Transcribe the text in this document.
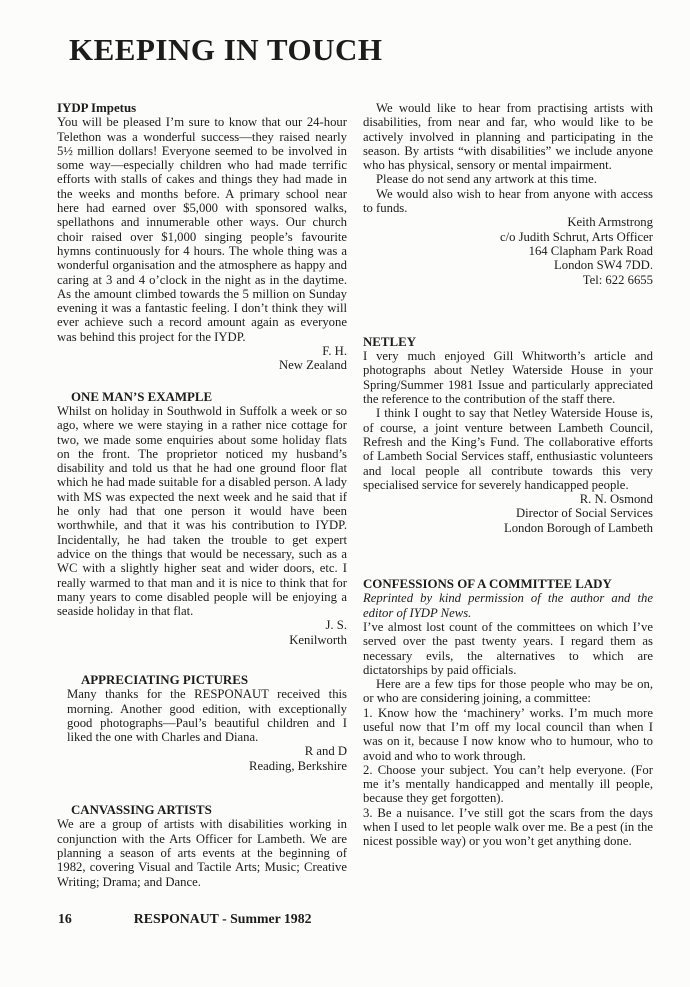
KEEPING IN TOUCH
IYDP Impetus

You will be pleased I’m sure to know that our 24-hour Telethon was a wonderful success—they raised nearly 5½ million dollars! Everyone seemed to be involved in some way—especially children who had made terrific efforts with stalls of cakes and things they had made in the weeks and months before. A primary school near here had earned over $5,000 with sponsored walks, spellathons and innumerable other ways. Our church choir raised over $1,000 singing people’s favourite hymns continuously for 4 hours. The whole thing was a wonderful organisation and the atmosphere as happy and caring at 3 and 4 o’clock in the night as in the daytime. As the amount climbed towards the 5 million on Sunday evening it was a fantastic feeling. I don’t think they will ever achieve such a record amount again as everyone was behind this project for the IYDP.

F. H.
New Zealand
ONE MAN’S EXAMPLE

Whilst on holiday in Southwold in Suffolk a week or so ago, where we were staying in a rather nice cottage for two, we made some enquiries about some holiday flats on the front. The proprietor noticed my husband’s disability and told us that he had one ground floor flat which he had made suitable for a disabled person. A lady with MS was expected the next week and he said that if he only had that one person it would have been worthwhile, and that it was his contribution to IYDP. Incidentally, he had taken the trouble to get expert advice on the things that would be necessary, such as a WC with a slightly higher seat and wider doors, etc. I really warmed to that man and it is nice to think that for many years to come disabled people will be enjoying a seaside holiday in that flat.

J. S.
Kenilworth
APPRECIATING PICTURES

Many thanks for the RESPONAUT received this morning. Another good edition, with exceptionally good photographs—Paul’s beautiful children and I liked the one with Charles and Diana.

R and D
Reading, Berkshire
CANVASSING ARTISTS

We are a group of artists with disabilities working in conjunction with the Arts Officer for Lambeth. We are planning a season of arts events at the beginning of 1982, covering Visual and Tactile Arts; Music; Creative Writing; Drama; and Dance.

We would like to hear from practising artists with disabilities, from near and far, who would like to be actively involved in planning and participating in the season. By artists “with disabilities” we include anyone who has physical, sensory or mental impairment.

Please do not send any artwork at this time.

We would also wish to hear from anyone with access to funds.

Keith Armstrong
c/o Judith Schrut, Arts Officer
164 Clapham Park Road
London SW4 7DD.
Tel: 622 6655
NETLEY

I very much enjoyed Gill Whitworth’s article and photographs about Netley Waterside House in your Spring/Summer 1981 Issue and particularly appreciated the reference to the contribution of the staff there.

I think I ought to say that Netley Waterside House is, of course, a joint venture between Lambeth Council, Refresh and the King’s Fund. The collaborative efforts of Lambeth Social Services staff, enthusiastic volunteers and local people all contribute towards this very specialised service for severely handicapped people.

R. N. Osmond
Director of Social Services
London Borough of Lambeth
CONFESSIONS OF A COMMITTEE LADY

Reprinted by kind permission of the author and the editor of IYDP News.

I’ve almost lost count of the committees on which I’ve served over the past twenty years. I regard them as necessary evils, the alternatives to which are dictatorships by paid officials.

Here are a few tips for those people who may be on, or who are considering joining, a committee:

1. Know how the ‘machinery’ works. I’m much more useful now that I’m off my local council than when I was on it, because I now know who to humour, who to avoid and who to work through.

2. Choose your subject. You can’t help everyone. (For me it’s mentally handicapped and mentally ill people, because they get forgotten).

3. Be a nuisance. I’ve still got the scars from the days when I used to let people walk over me. Be a pest (in the nicest possible way) or you won’t get anything done.

16	RESPONAUT - Summer 1982
